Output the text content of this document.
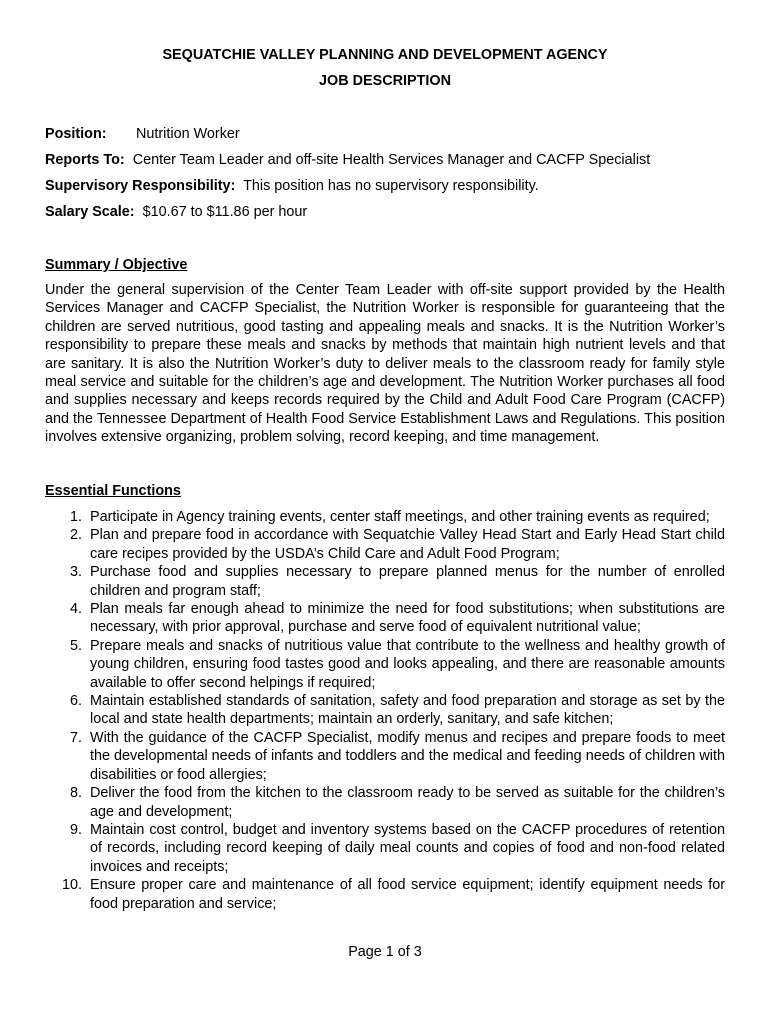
SEQUATCHIE VALLEY PLANNING AND DEVELOPMENT AGENCY
JOB DESCRIPTION
Position: Nutrition Worker
Reports To: Center Team Leader and off-site Health Services Manager and CACFP Specialist
Supervisory Responsibility: This position has no supervisory responsibility.
Salary Scale: $10.67 to $11.86 per hour
Summary / Objective
Under the general supervision of the Center Team Leader with off-site support provided by the Health Services Manager and CACFP Specialist, the Nutrition Worker is responsible for guaranteeing that the children are served nutritious, good tasting and appealing meals and snacks. It is the Nutrition Worker’s responsibility to prepare these meals and snacks by methods that maintain high nutrient levels and that are sanitary. It is also the Nutrition Worker’s duty to deliver meals to the classroom ready for family style meal service and suitable for the children’s age and development. The Nutrition Worker purchases all food and supplies necessary and keeps records required by the Child and Adult Food Care Program (CACFP) and the Tennessee Department of Health Food Service Establishment Laws and Regulations. This position involves extensive organizing, problem solving, record keeping, and time management.
Essential Functions
1. Participate in Agency training events, center staff meetings, and other training events as required;
2. Plan and prepare food in accordance with Sequatchie Valley Head Start and Early Head Start child care recipes provided by the USDA’s Child Care and Adult Food Program;
3. Purchase food and supplies necessary to prepare planned menus for the number of enrolled children and program staff;
4. Plan meals far enough ahead to minimize the need for food substitutions; when substitutions are necessary, with prior approval, purchase and serve food of equivalent nutritional value;
5. Prepare meals and snacks of nutritious value that contribute to the wellness and healthy growth of young children, ensuring food tastes good and looks appealing, and there are reasonable amounts available to offer second helpings if required;
6. Maintain established standards of sanitation, safety and food preparation and storage as set by the local and state health departments; maintain an orderly, sanitary, and safe kitchen;
7. With the guidance of the CACFP Specialist, modify menus and recipes and prepare foods to meet the developmental needs of infants and toddlers and the medical and feeding needs of children with disabilities or food allergies;
8. Deliver the food from the kitchen to the classroom ready to be served as suitable for the children’s age and development;
9. Maintain cost control, budget and inventory systems based on the CACFP procedures of retention of records, including record keeping of daily meal counts and copies of food and non-food related invoices and receipts;
10. Ensure proper care and maintenance of all food service equipment; identify equipment needs for food preparation and service;
Page 1 of 3
